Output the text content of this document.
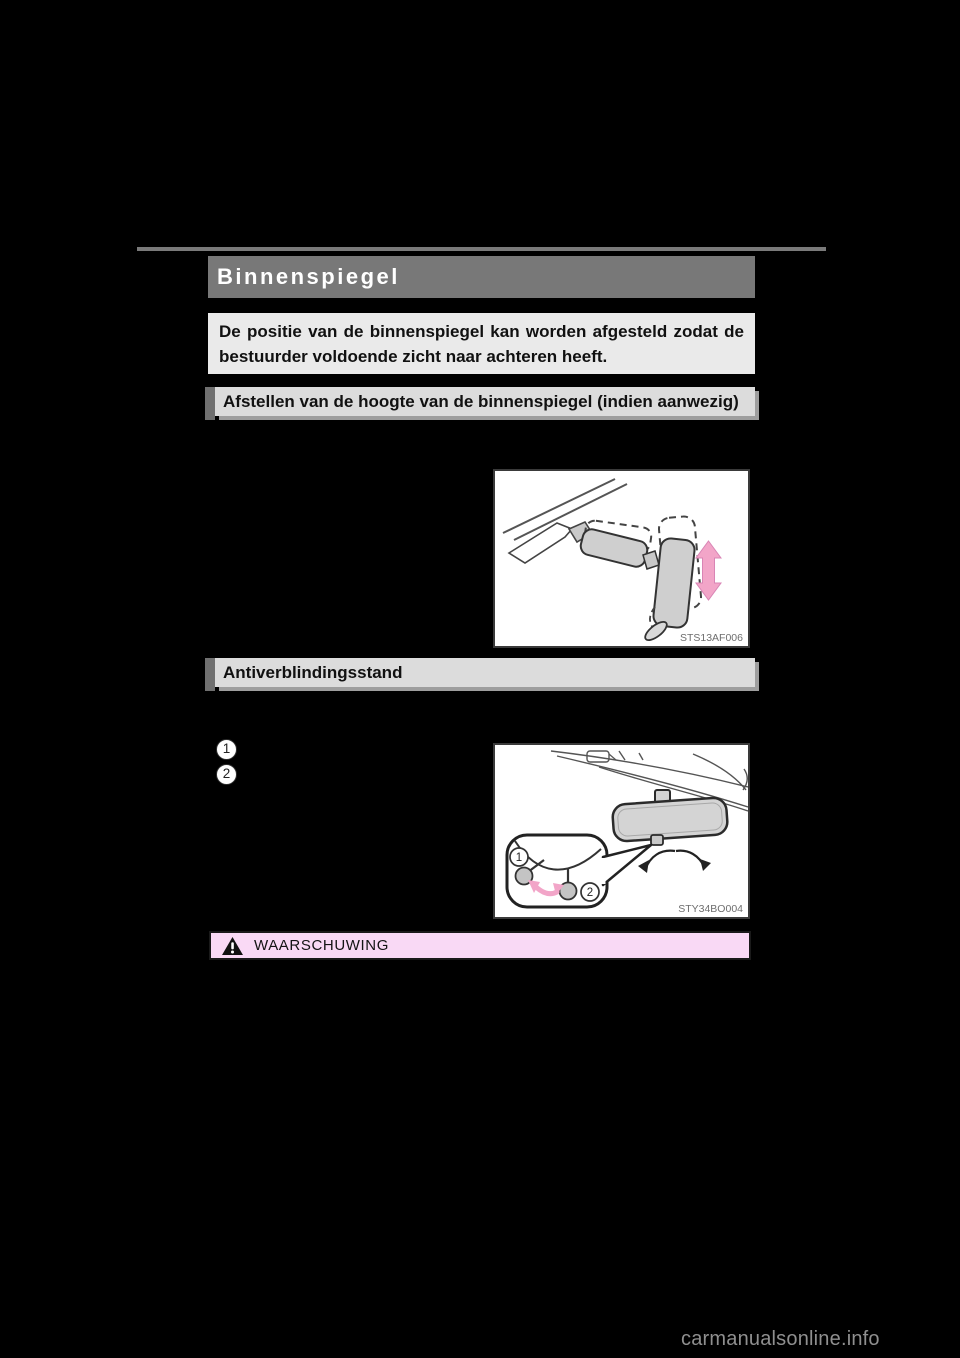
Binnenspiegel
De positie van de binnenspiegel kan worden afgesteld zodat de
bestuurder voldoende zicht naar achteren heeft.
Afstellen van de hoogte van de binnenspiegel (indien aanwezig)
STS13AF006
Antiverblindingsstand
1
2
1
2
STY34BO004
WAARSCHUWING
carmanualsonline.info
